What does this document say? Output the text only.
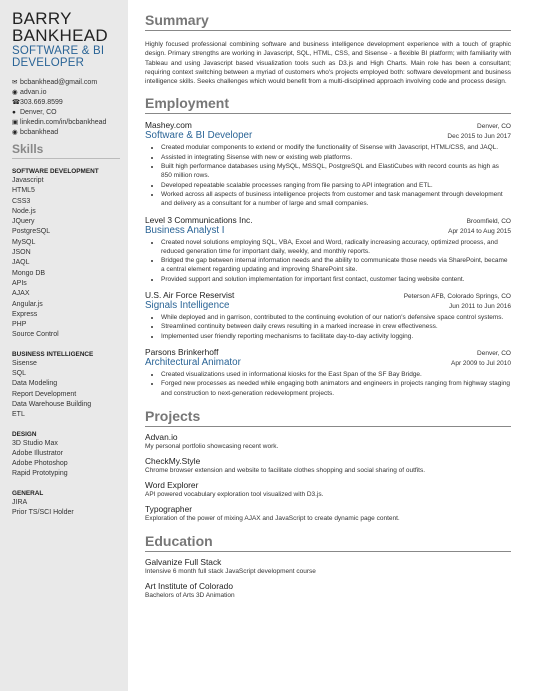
BARRY
BANKHEAD
SOFTWARE & BI
DEVELOPER
✉ bcbankhead@gmail.com
◉ advan.io
☎ 303.669.8599
● Denver, CO
▣ linkedin.com/in/bcbankhead
◉ bcbankhead
Skills
SOFTWARE DEVELOPMENT
Javascript
HTML5
CSS3
Node.js
JQuery
PostgreSQL
MySQL
JSON
JAQL
Mongo DB
APIs
AJAX
Angular.js
Express
PHP
Source Control
BUSINESS INTELLIGENCE
Sisense
SQL
Data Modeling
Report Development
Data Warehouse Building
ETL
DESIGN
3D Studio Max
Adobe Illustrator
Adobe Photoshop
Rapid Prototyping
GENERAL
JIRA
Prior TS/SCI Holder
Summary

Highly focused professional combining software and business intelligence development experience with a touch of graphic design. Primary strengths are working in Javascript, SQL, HTML, CSS, and Sisense - a flexible BI platform; with familiarity with Tableau and using Javascript based visualization tools such as D3.js and High Charts. Main role has been a consultant; requiring context switching between a myriad of customers who's projects employed both: software development and business intelligence skills. Seeks challenges which would benefit from a multi-disciplined approach involving code and process design.

Employment
Mashey.com	Denver, CO
Software & BI Developer	Dec 2015 to Jun 2017
• Created modular components to extend or modify the functionality of Sisense with Javascript, HTML/CSS, and JAQL.
• Assisted in integrating Sisense with new or existing web platforms.
• Built high performance databases using MySQL, MSSQL, PostgreSQL and ElastiCubes with record counts as high as 850 million rows.
• Developed repeatable scalable processes ranging from file parsing to API integration and ETL.
• Worked across all aspects of business intelligence projects from customer and task management through development and delivery as a consultant for a number of large and small companies.
Level 3 Communications Inc.	Broomfield, CO
Business Analyst I	Apr 2014 to Aug 2015
• Created novel solutions employing SQL, VBA, Excel and Word, radically increasing accuracy, optimized process, and reduced generation time for important daily, weekly, and monthly reports.
• Bridged the gap between internal information needs and the ability to communicate those needs via SharePoint, became a central element regarding updating and improving SharePoint site.
• Provided support and solution implementation for important first contact, customer facing website content.
U.S. Air Force Reservist	Peterson AFB, Colorado Springs, CO
Signals Intelligence	Jun 2011 to Jun 2016
• While deployed and in garrison, contributed to the continuing evolution of our nation's defensive space control systems.
• Streamlined continuity between daily crews resulting in a marked increase in crew effectiveness.
• Implemented user friendly reporting mechanisms to facilitate day-to-day activity logging.
Parsons Brinkerhoff	Denver, CO
Architectural Animator	Apr 2009 to Jul 2010
• Created visualizations used in informational kiosks for the East Span of the SF Bay Bridge.
• Forged new processes as needed while engaging both animators and engineers in projects ranging from highway staging and construction to next-generation redevelopment projects.
Projects
Advan.io
My personal portfolio showcasing recent work.
CheckMy.Style
Chrome browser extension and website to facilitate clothes shopping and social sharing of outfits.
Word Explorer
API powered vocabulary exploration tool visualized with D3.js.
Typographer
Exploration of the power of mixing AJAX and JavaScript to create dynamic page content.
Education
Galvanize Full Stack
Intensive 6 month full stack JavaScript development course
Art Institute of Colorado
Bachelors of Arts 3D Animation
